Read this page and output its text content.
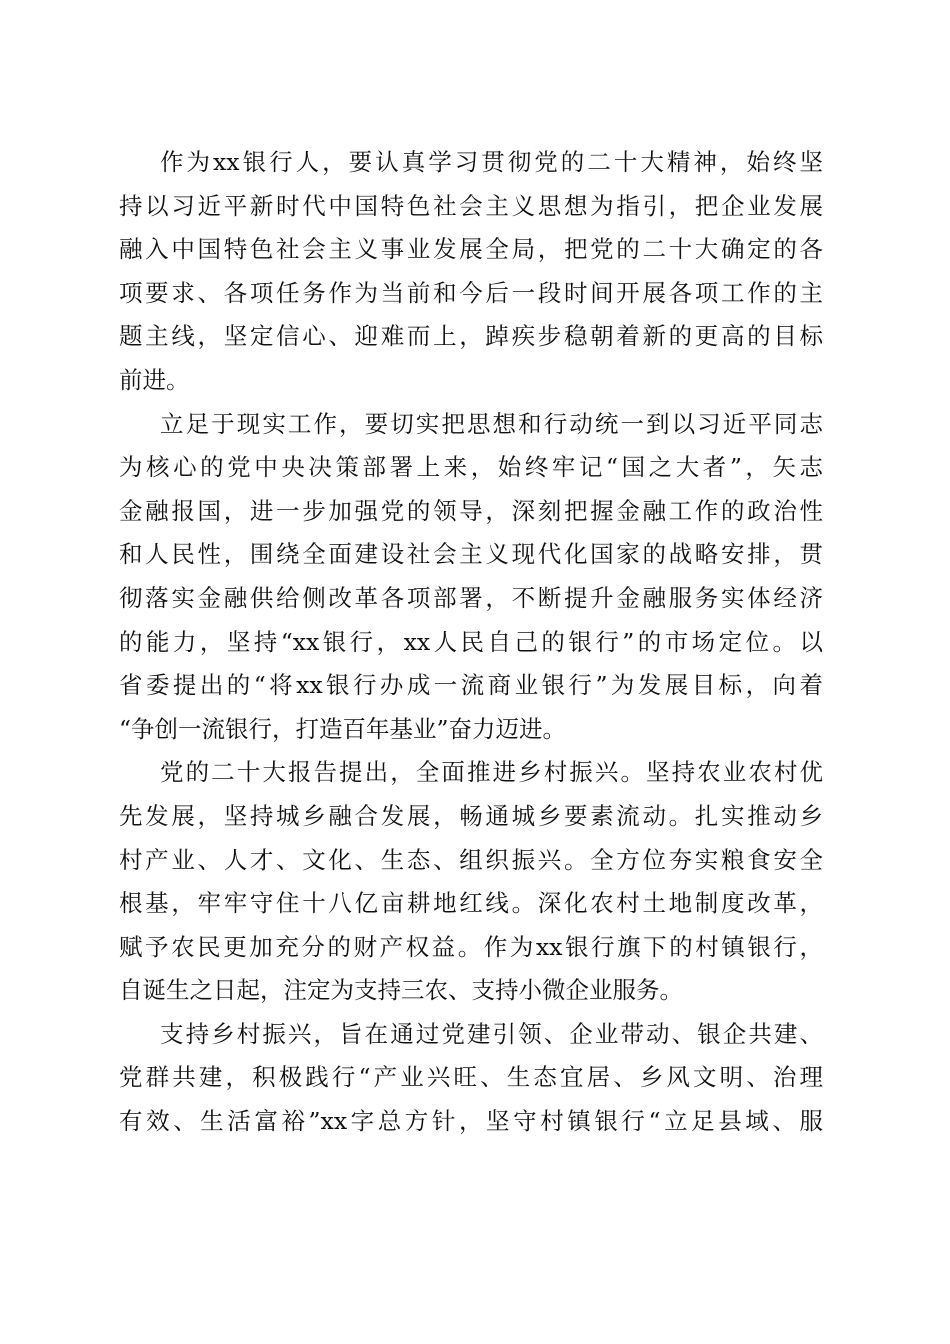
作为xx银行人，要认真学习贯彻党的二十大精神，始终坚
持以习近平新时代中国特色社会主义思想为指引，把企业发展
融入中国特色社会主义事业发展全局，把党的二十大确定的各
项要求、各项任务作为当前和今后一段时间开展各项工作的主
题主线，坚定信心、迎难而上，踔疾步稳朝着新的更高的目标
前进。
立足于现实工作，要切实把思想和行动统一到以习近平同志
为核心的党中央决策部署上来，始终牢记“国之大者”，矢志
金融报国，进一步加强党的领导，深刻把握金融工作的政治性
和人民性，围绕全面建设社会主义现代化国家的战略安排，贯
彻落实金融供给侧改革各项部署，不断提升金融服务实体经济
的能力，坚持“xx银行，xx人民自己的银行”的市场定位。以
省委提出的“将xx银行办成一流商业银行”为发展目标，向着
“争创一流银行，打造百年基业”奋力迈进。
党的二十大报告提出，全面推进乡村振兴。坚持农业农村优
先发展，坚持城乡融合发展，畅通城乡要素流动。扎实推动乡
村产业、人才、文化、生态、组织振兴。全方位夯实粮食安全
根基，牢牢守住十八亿亩耕地红线。深化农村土地制度改革，
赋予农民更加充分的财产权益。作为xx银行旗下的村镇银行，
自诞生之日起，注定为支持三农、支持小微企业服务。
支持乡村振兴，旨在通过党建引领、企业带动、银企共建、
党群共建，积极践行“产业兴旺、生态宜居、乡风文明、治理
有效、生活富裕”xx字总方针，坚守村镇银行“立足县域、服
